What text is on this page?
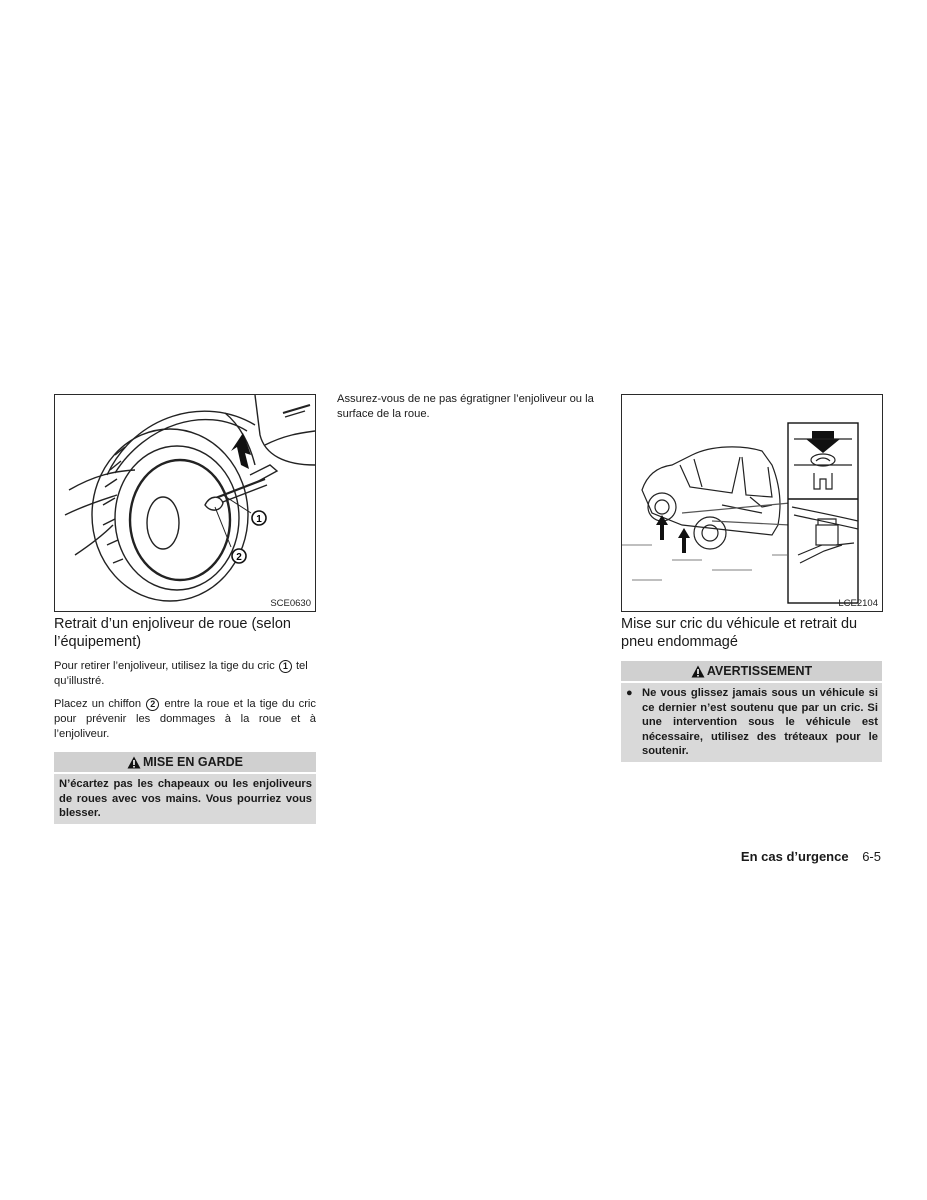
1
2
SCE0630
Retrait d’un enjoliveur de roue (selon l’équipement)
Pour retirer l’enjoliveur, utilisez la tige du cric 1 tel qu’illustré.
Placez un chiffon 2 entre la roue et la tige du cric pour prévenir les dommages à la roue et à l’enjoliveur.
MISE EN GARDE
N’écartez pas les chapeaux ou les enjoliveurs de roues avec vos mains. Vous pourriez vous blesser.
Assurez-vous de ne pas égratigner l’enjoliveur ou la surface de la roue.
LCE2104
Mise sur cric du véhicule et retrait du pneu endommagé
AVERTISSEMENT
● Ne vous glissez jamais sous un véhicule si ce dernier n’est soutenu que par un cric. Si une intervention sous le véhicule est nécessaire, utilisez des tréteaux pour le soutenir.
En cas d’urgence 6-5
